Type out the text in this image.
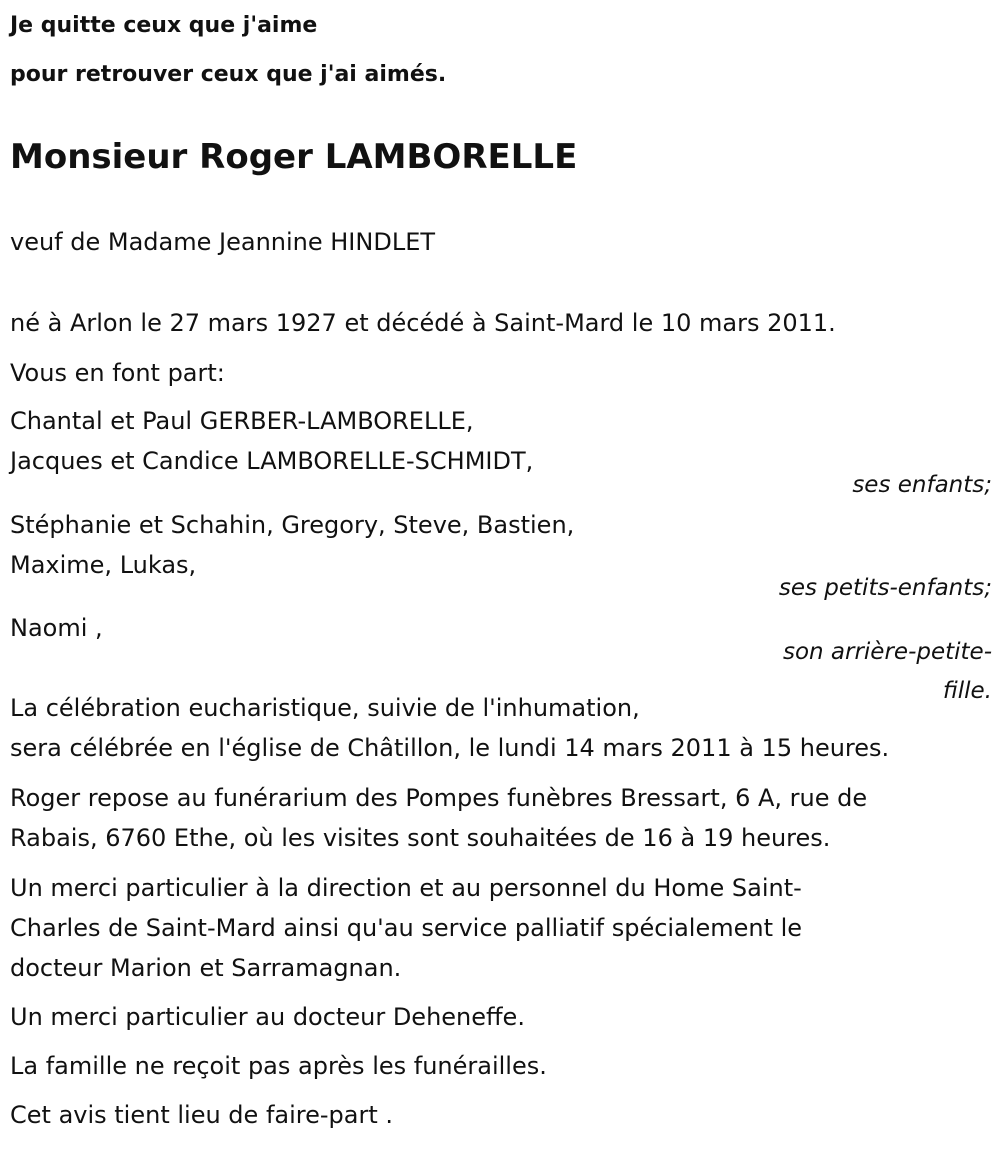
Je quitte ceux que j'aime
pour retrouver ceux que j'ai aimés.
Monsieur Roger LAMBORELLE
veuf de Madame Jeannine HINDLET
né à Arlon le 27 mars 1927 et décédé à Saint-Mard le 10 mars 2011.
Vous en font part:
Chantal et Paul GERBER-LAMBORELLE,
Jacques et Candice LAMBORELLE-SCHMIDT,
ses enfants;
Stéphanie et Schahin, Gregory, Steve, Bastien,
Maxime, Lukas,
ses petits-enfants;
Naomi ,
son arrière-petite-
fille.
La célébration eucharistique, suivie de l'inhumation,
sera célébrée en l'église de Châtillon, le lundi 14 mars 2011 à 15 heures.
Roger repose au funérarium des Pompes funèbres Bressart, 6 A, rue de
Rabais, 6760 Ethe, où les visites sont souhaitées de 16 à 19 heures.
Un merci particulier à la direction et au personnel du Home Saint-
Charles de Saint-Mard ainsi qu'au service palliatif spécialement le
docteur Marion et Sarramagnan.
Un merci particulier au docteur Deheneffe.
La famille ne reçoit pas après les funérailles.
Cet avis tient lieu de faire-part .
